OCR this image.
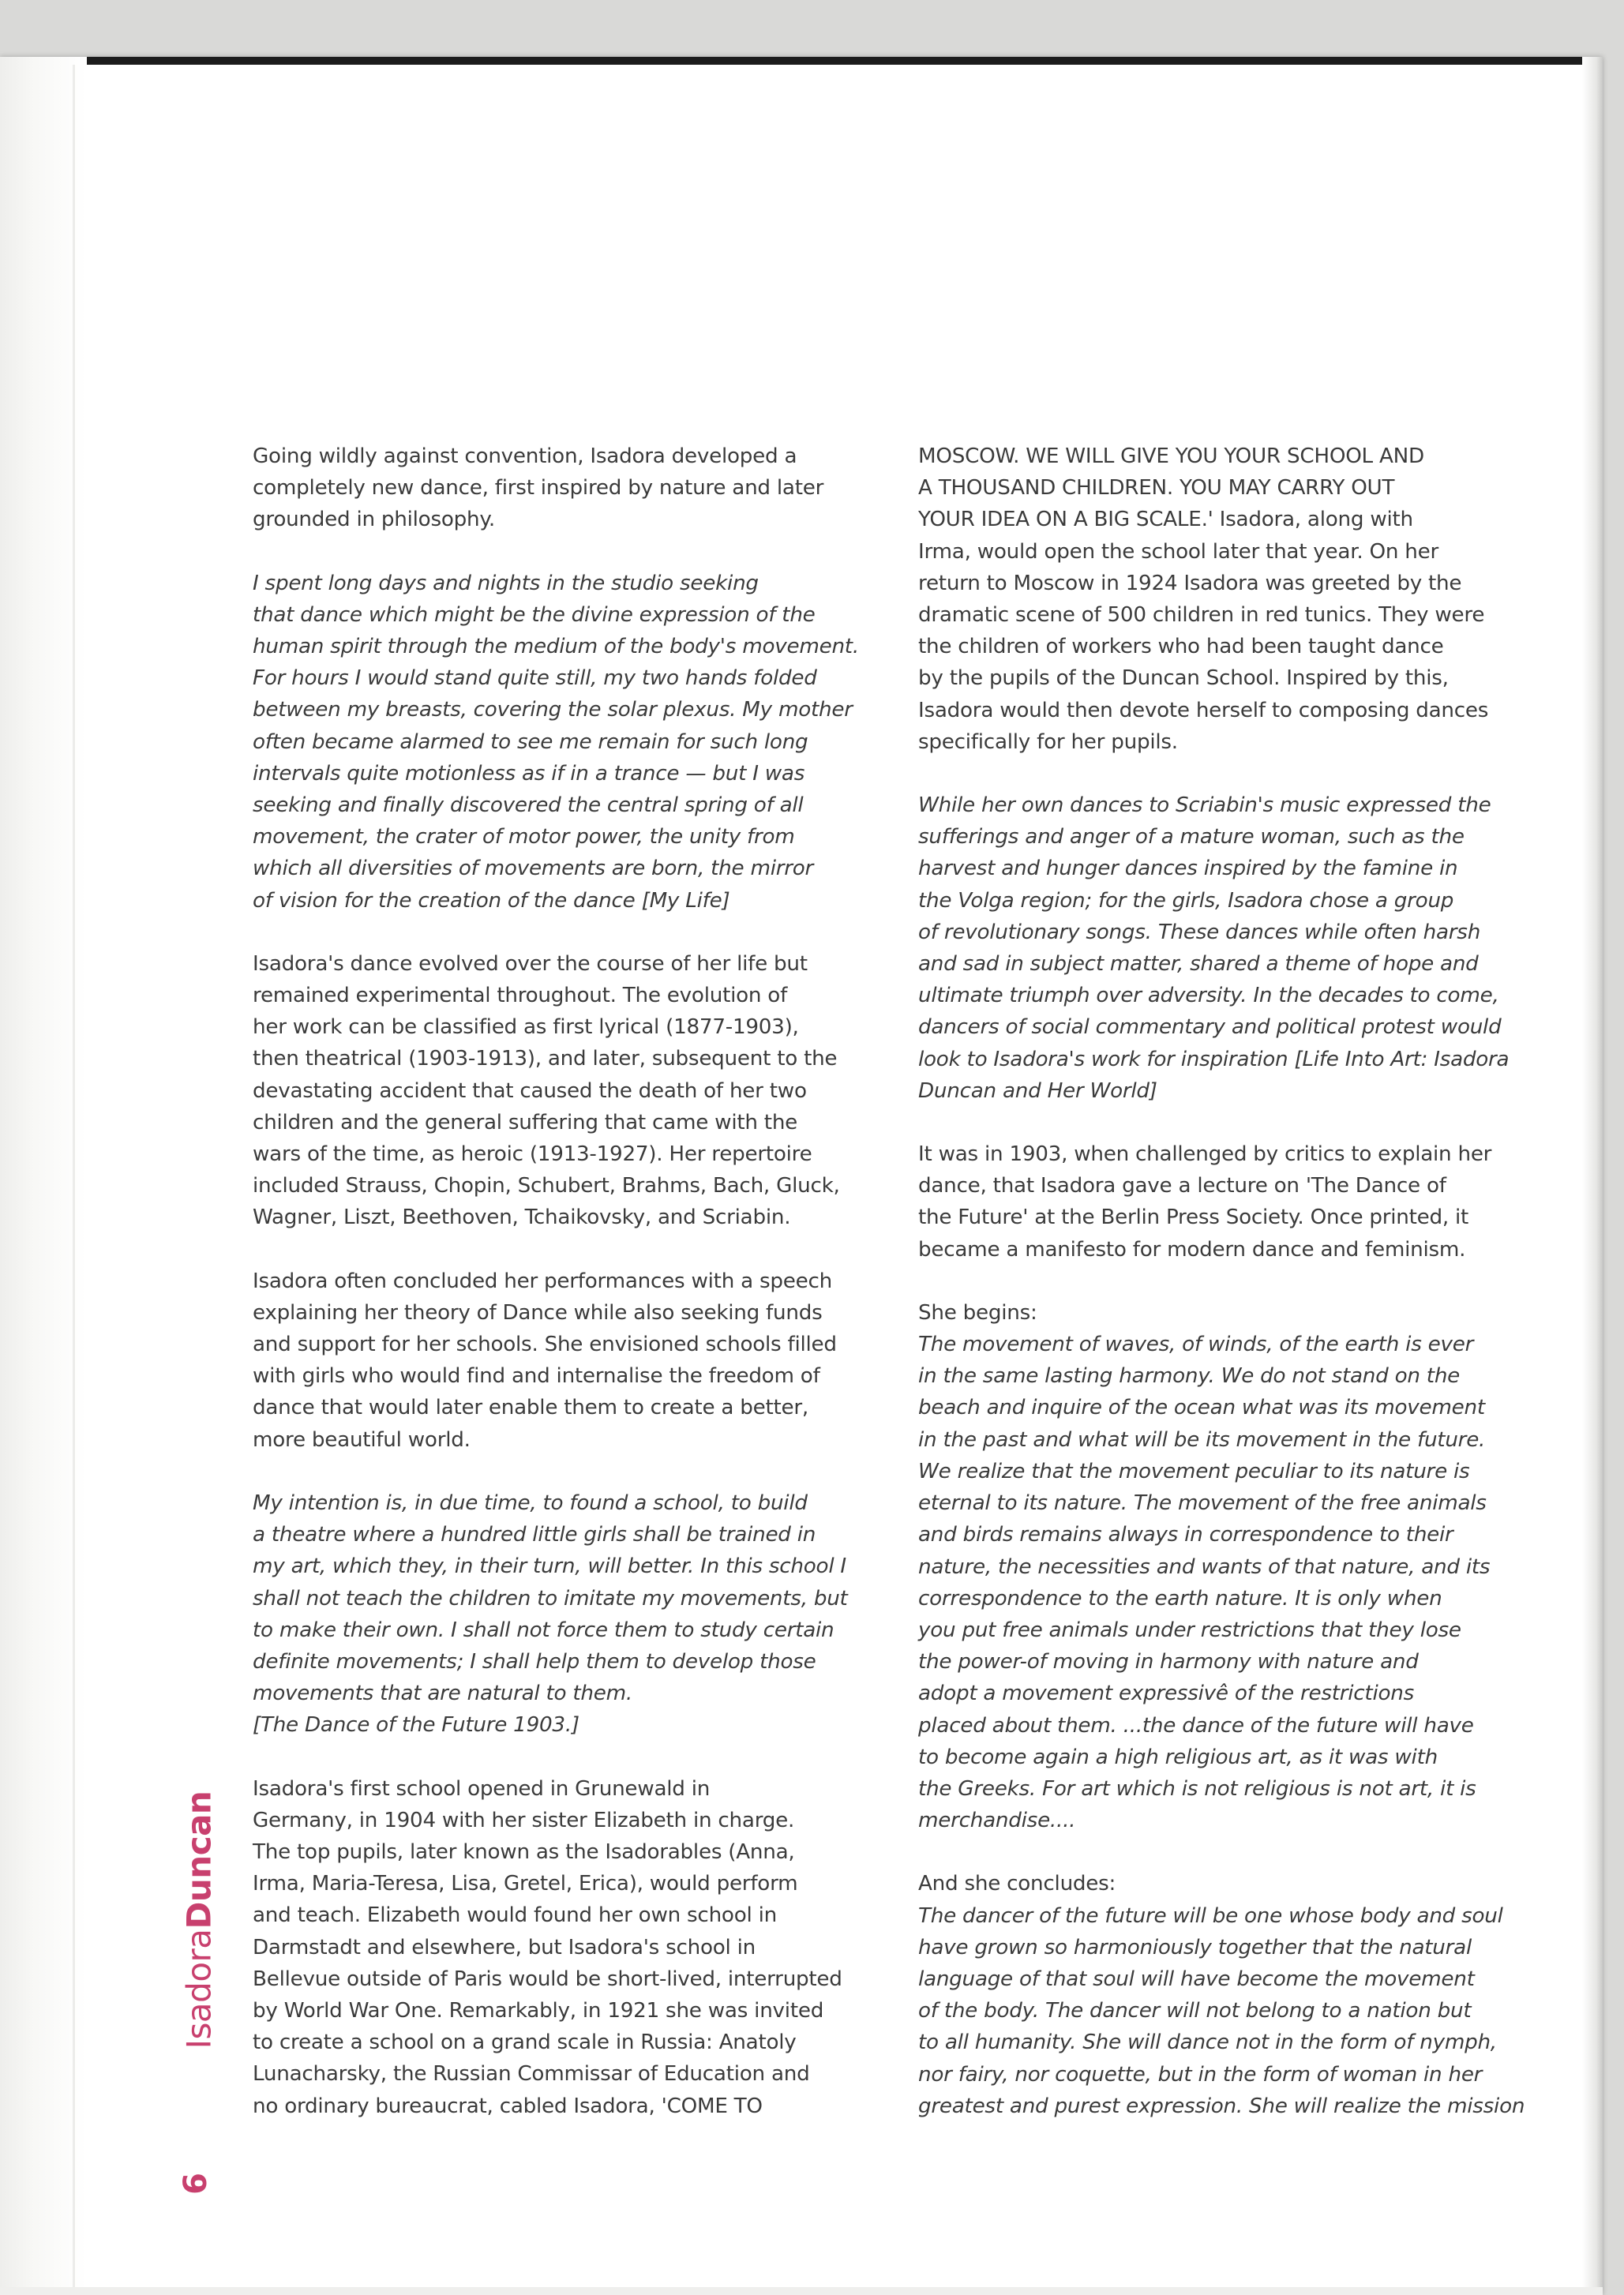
Going wildly against convention, Isadora developed a
completely new dance, first inspired by nature and later
grounded in philosophy.

I spent long days and nights in the studio seeking
that dance which might be the divine expression of the
human spirit through the medium of the body's movement.
For hours I would stand quite still, my two hands folded
between my breasts, covering the solar plexus. My mother
often became alarmed to see me remain for such long
intervals quite motionless as if in a trance — but I was
seeking and finally discovered the central spring of all
movement, the crater of motor power, the unity from
which all diversities of movements are born, the mirror
of vision for the creation of the dance [My Life]

Isadora's dance evolved over the course of her life but
remained experimental throughout. The evolution of
her work can be classified as first lyrical (1877-1903),
then theatrical (1903-1913), and later, subsequent to the
devastating accident that caused the death of her two
children and the general suffering that came with the
wars of the time, as heroic (1913-1927). Her repertoire
included Strauss, Chopin, Schubert, Brahms, Bach, Gluck,
Wagner, Liszt, Beethoven, Tchaikovsky, and Scriabin.

Isadora often concluded her performances with a speech
explaining her theory of Dance while also seeking funds
and support for her schools. She envisioned schools filled
with girls who would find and internalise the freedom of
dance that would later enable them to create a better,
more beautiful world.

My intention is, in due time, to found a school, to build
a theatre where a hundred little girls shall be trained in
my art, which they, in their turn, will better. In this school I
shall not teach the children to imitate my movements, but
to make their own. I shall not force them to study certain
definite movements; I shall help them to develop those
movements that are natural to them.
[The Dance of the Future 1903.]

Isadora's first school opened in Grunewald in
Germany, in 1904 with her sister Elizabeth in charge.
The top pupils, later known as the Isadorables (Anna,
Irma, Maria-Teresa, Lisa, Gretel, Erica), would perform
and teach. Elizabeth would found her own school in
Darmstadt and elsewhere, but Isadora's school in
Bellevue outside of Paris would be short-lived, interrupted
by World War One. Remarkably, in 1921 she was invited
to create a school on a grand scale in Russia: Anatoly
Lunacharsky, the Russian Commissar of Education and
no ordinary bureaucrat, cabled Isadora, 'COME TO

MOSCOW. WE WILL GIVE YOU YOUR SCHOOL AND
A THOUSAND CHILDREN. YOU MAY CARRY OUT
YOUR IDEA ON A BIG SCALE.' Isadora, along with
Irma, would open the school later that year. On her
return to Moscow in 1924 Isadora was greeted by the
dramatic scene of 500 children in red tunics. They were
the children of workers who had been taught dance
by the pupils of the Duncan School. Inspired by this,
Isadora would then devote herself to composing dances
specifically for her pupils.

While her own dances to Scriabin's music expressed the
sufferings and anger of a mature woman, such as the
harvest and hunger dances inspired by the famine in
the Volga region; for the girls, Isadora chose a group
of revolutionary songs. These dances while often harsh
and sad in subject matter, shared a theme of hope and
ultimate triumph over adversity. In the decades to come,
dancers of social commentary and political protest would
look to Isadora's work for inspiration [Life Into Art: Isadora
Duncan and Her World]

It was in 1903, when challenged by critics to explain her
dance, that Isadora gave a lecture on 'The Dance of
the Future' at the Berlin Press Society. Once printed, it
became a manifesto for modern dance and feminism.

She begins:

The movement of waves, of winds, of the earth is ever
in the same lasting harmony. We do not stand on the
beach and inquire of the ocean what was its movement
in the past and what will be its movement in the future.
We realize that the movement peculiar to its nature is
eternal to its nature. The movement of the free animals
and birds remains always in correspondence to their
nature, the necessities and wants of that nature, and its
correspondence to the earth nature. It is only when
you put free animals under restrictions that they lose
the power-of moving in harmony with nature and
adopt a movement expressivê of the restrictions
placed about them. ...the dance of the future will have
to become again a high religious art, as it was with
the Greeks. For art which is not religious is not art, it is
merchandise....

And she concludes:

The dancer of the future will be one whose body and soul
have grown so harmoniously together that the natural
language of that soul will have become the movement
of the body. The dancer will not belong to a nation but
to all humanity. She will dance not in the form of nymph,
nor fairy, nor coquette, but in the form of woman in her
greatest and purest expression. She will realize the mission

IsadoraDuncan
6
